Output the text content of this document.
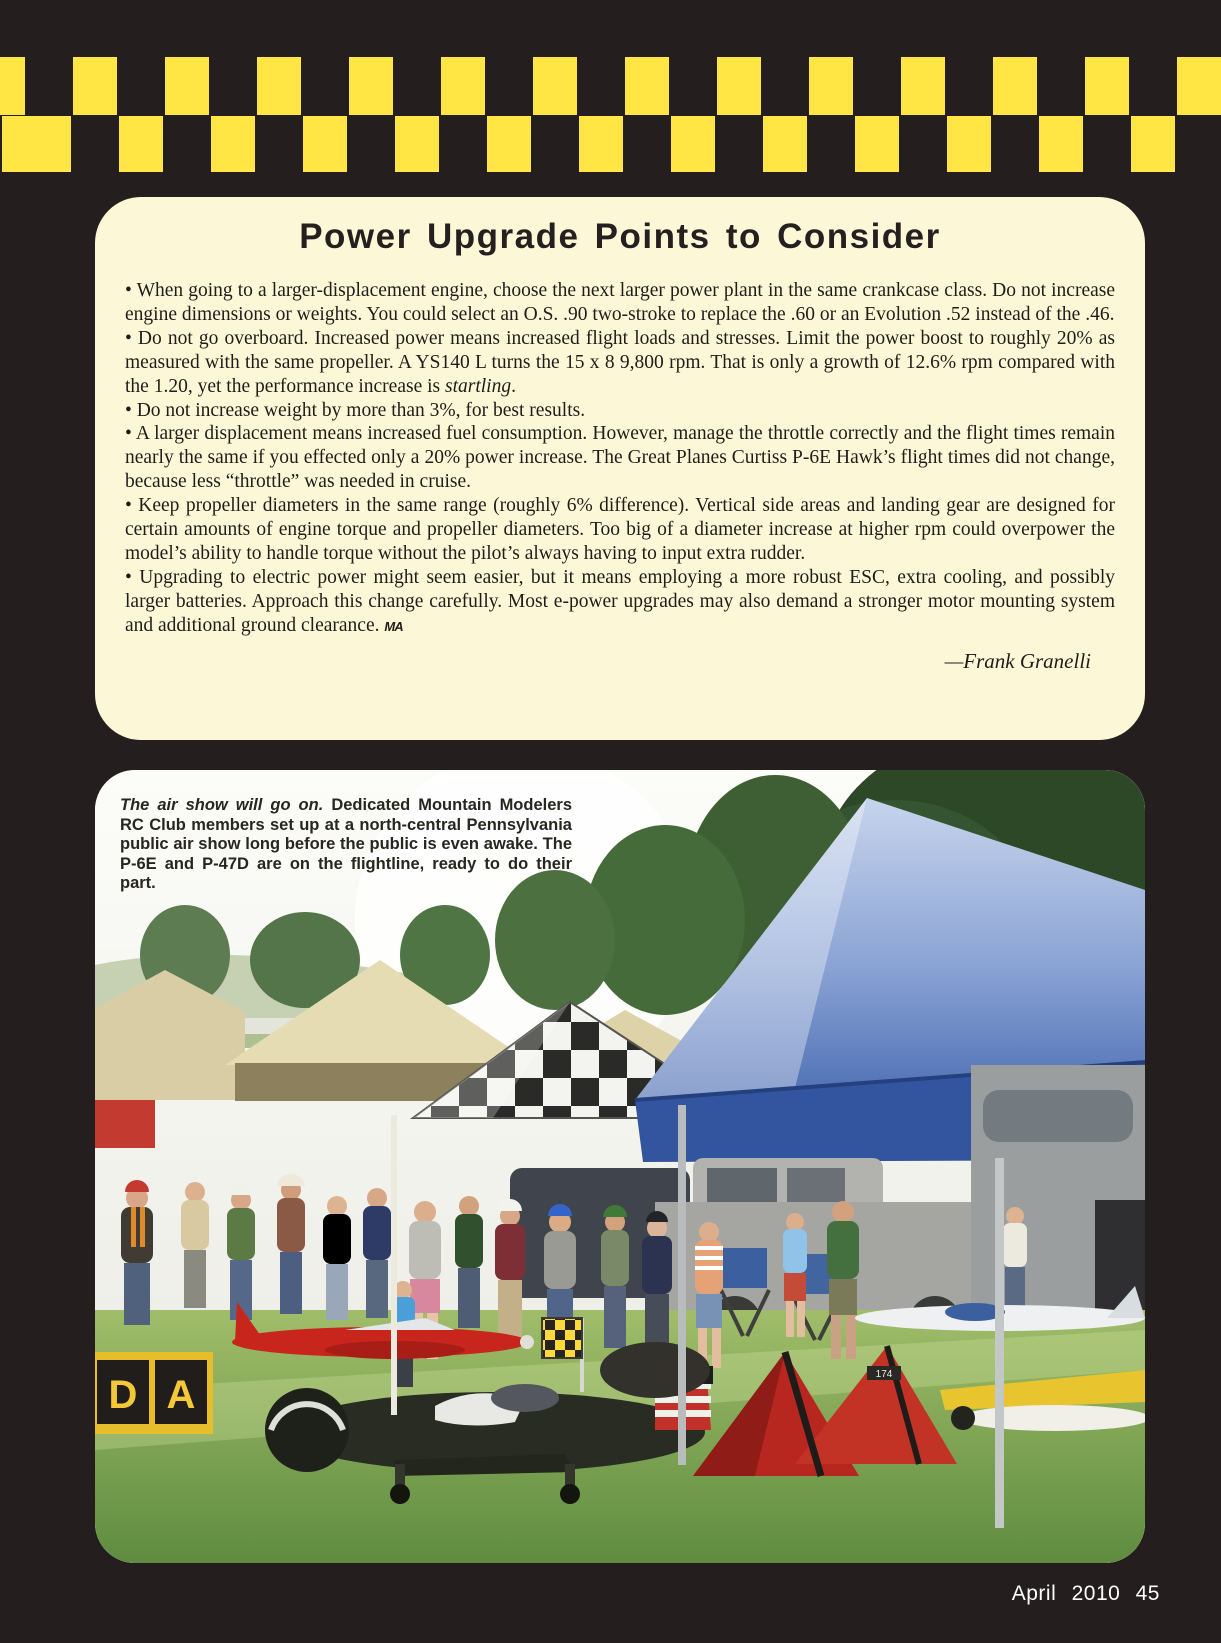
Power Upgrade Points to Consider

• When going to a larger-displacement engine, choose the next larger power plant in the same crankcase class. Do not increase engine dimensions or weights. You could select an O.S. .90 two-stroke to replace the .60 or an Evolution .52 instead of the .46.

• Do not go overboard. Increased power means increased flight loads and stresses. Limit the power boost to roughly 20% as measured with the same propeller. A YS140 L turns the 15 x 8 9,800 rpm. That is only a growth of 12.6% rpm compared with the 1.20, yet the performance increase is startling.

• Do not increase weight by more than 3%, for best results.

• A larger displacement means increased fuel consumption. However, manage the throttle correctly and the flight times remain nearly the same if you effected only a 20% power increase. The Great Planes Curtiss P-6E Hawk’s flight times did not change, because less “throttle” was needed in cruise.

• Keep propeller diameters in the same range (roughly 6% difference). Vertical side areas and landing gear are designed for certain amounts of engine torque and propeller diameters. Too big of a diameter increase at higher rpm could overpower the model’s ability to handle torque without the pilot’s always having to input extra rudder.

• Upgrading to electric power might seem easier, but it means employing a more robust ESC, extra cooling, and possibly larger batteries. Approach this change carefully. Most e-power upgrades may also demand a stronger motor mounting system and additional ground clearance. MA

—Frank Granelli

D A	174
The air show will go on. Dedicated Mountain Modelers RC Club members set up at a north-central Pennsylvania public air show long before the public is even awake. The P-6E and P-47D are on the flightline, ready to do their part.
April 2010 45
